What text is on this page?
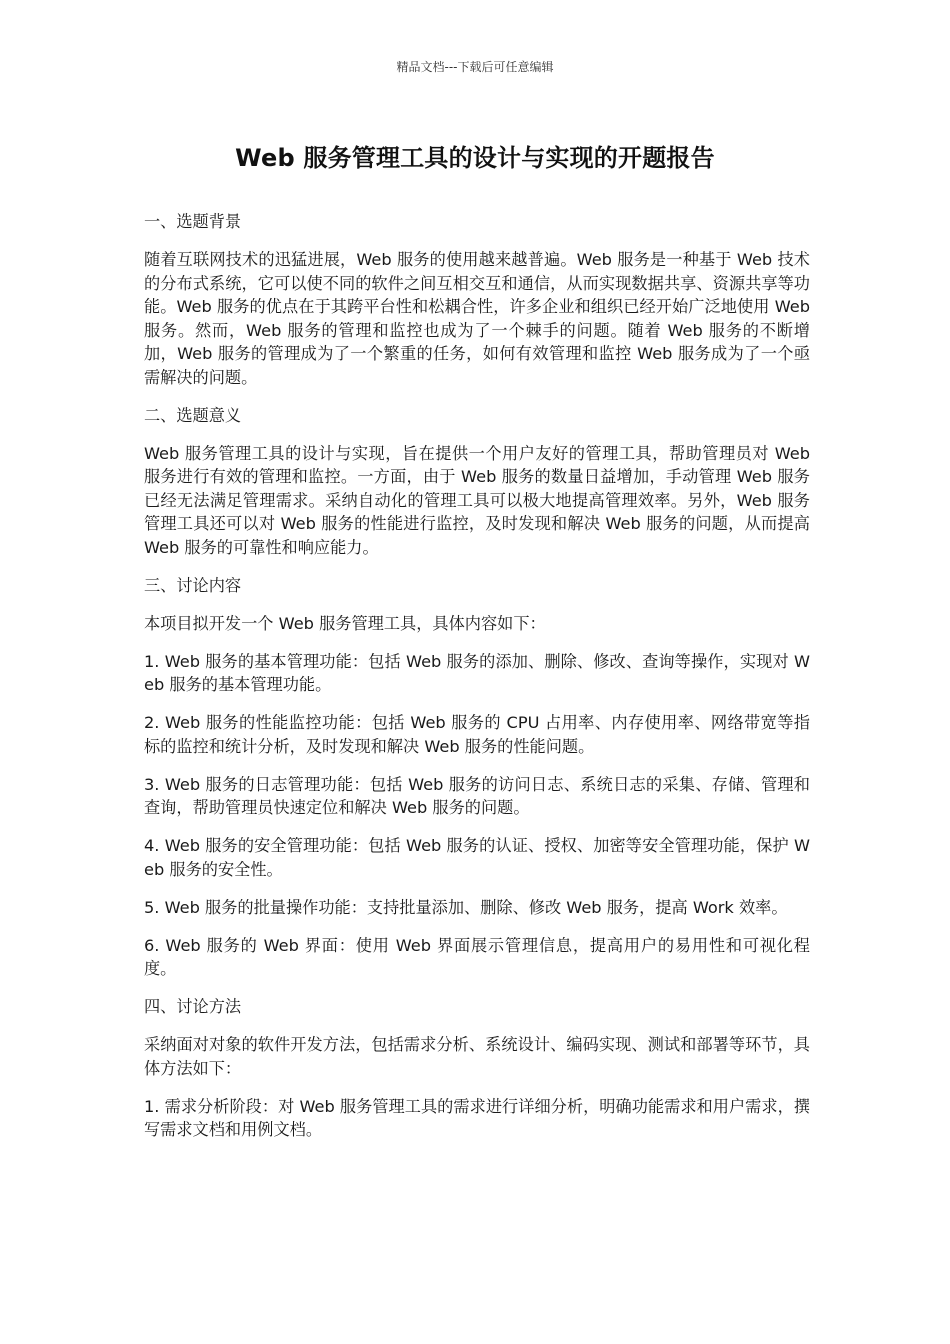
精品文档---下载后可任意编辑
Web 服务管理工具的设计与实现的开题报告

一、选题背景

随着互联网技术的迅猛进展，Web 服务的使用越来越普遍。Web 服务是一种基于 Web 技术的分布式系统，它可以使不同的软件之间互相交互和通信，从而实现数据共享、资源共享等功能。Web 服务的优点在于其跨平台性和松耦合性，许多企业和组织已经开始广泛地使用 Web 服务。然而，Web 服务的管理和监控也成为了一个棘手的问题。随着 Web 服务的不断增加，Web 服务的管理成为了一个繁重的任务，如何有效管理和监控 Web 服务成为了一个亟需解决的问题。

二、选题意义

Web 服务管理工具的设计与实现，旨在提供一个用户友好的管理工具，帮助管理员对 Web 服务进行有效的管理和监控。一方面，由于 Web 服务的数量日益增加，手动管理 Web 服务已经无法满足管理需求。采纳自动化的管理工具可以极大地提高管理效率。另外，Web 服务管理工具还可以对 Web 服务的性能进行监控，及时发现和解决 Web 服务的问题，从而提高 Web 服务的可靠性和响应能力。

三、讨论内容

本项目拟开发一个 Web 服务管理工具，具体内容如下：

1. Web 服务的基本管理功能：包括 Web 服务的添加、删除、修改、查询等操作，实现对 Web 服务的基本管理功能。

2. Web 服务的性能监控功能：包括 Web 服务的 CPU 占用率、内存使用率、网络带宽等指标的监控和统计分析，及时发现和解决 Web 服务的性能问题。

3. Web 服务的日志管理功能：包括 Web 服务的访问日志、系统日志的采集、存储、管理和查询，帮助管理员快速定位和解决 Web 服务的问题。

4. Web 服务的安全管理功能：包括 Web 服务的认证、授权、加密等安全管理功能，保护 Web 服务的安全性。

5. Web 服务的批量操作功能：支持批量添加、删除、修改 Web 服务，提高 Work 效率。

6. Web 服务的 Web 界面：使用 Web 界面展示管理信息，提高用户的易用性和可视化程度。

四、讨论方法

采纳面对对象的软件开发方法，包括需求分析、系统设计、编码实现、测试和部署等环节，具体方法如下：

1. 需求分析阶段：对 Web 服务管理工具的需求进行详细分析，明确功能需求和用户需求，撰写需求文档和用例文档。
